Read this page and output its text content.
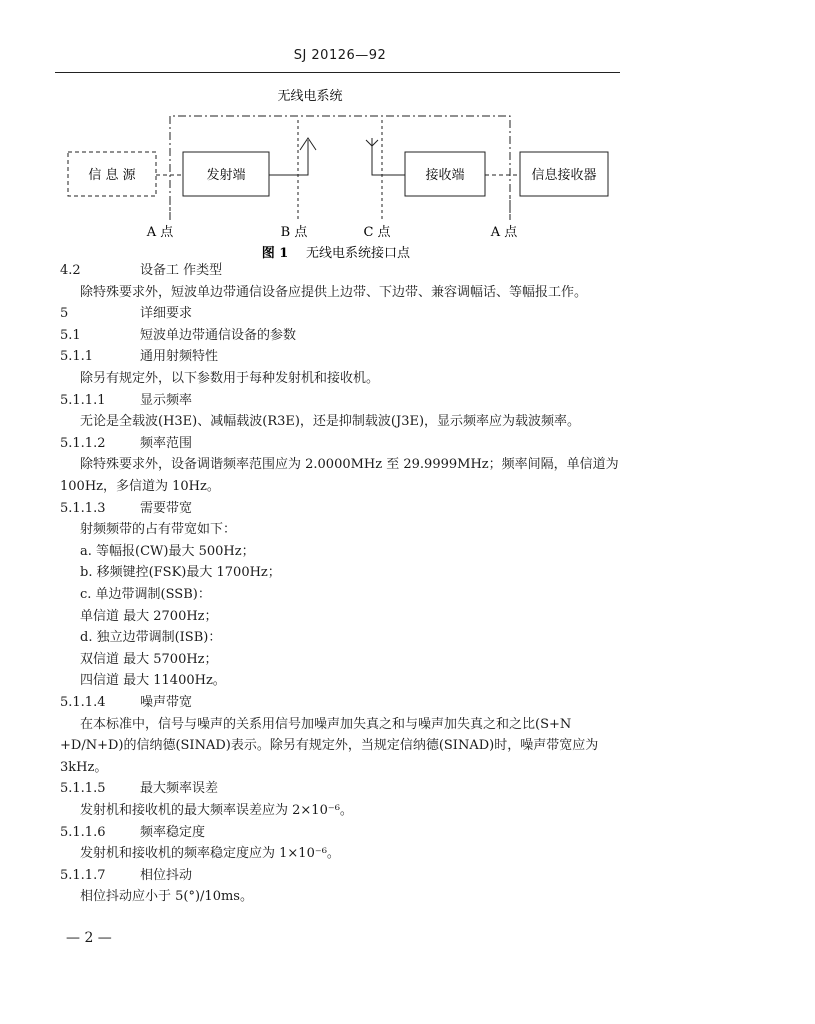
SJ 20126—92
无线电系统
信 息 源	发射端	接收端	信息接收器
A 点	B 点	C 点	A 点
图 1 无线电系统接口点
4.2	设备工 作类型
除特殊要求外，短波单边带通信设备应提供上边带、下边带、兼容调幅话、等幅报工作。
5	详细要求
5.1	短波单边带通信设备的参数
5.1.1	通用射频特性
除另有规定外，以下参数用于每种发射机和接收机。
5.1.1.1	显示频率
无论是全载波(H3E)、减幅载波(R3E)，还是抑制载波(J3E)，显示频率应为载波频率。
5.1.1.2	频率范围
除特殊要求外，设备调谐频率范围应为 2.0000MHz 至 29.9999MHz；频率间隔，单信道为
100Hz，多信道为 10Hz。
5.1.1.3	需要带宽
射频频带的占有带宽如下：
a. 等幅报(CW)最大 500Hz；
b. 移频键控(FSK)最大 1700Hz；
c. 单边带调制(SSB)：
单信道 最大 2700Hz；
d. 独立边带调制(ISB)：
双信道 最大 5700Hz；
四信道 最大 11400Hz。
5.1.1.4	噪声带宽
在本标准中，信号与噪声的关系用信号加噪声加失真之和与噪声加失真之和之比(S+N
+D/N+D)的信纳德(SINAD)表示。除另有规定外，当规定信纳德(SINAD)时，噪声带宽应为
3kHz。
5.1.1.5	最大频率误差
发射机和接收机的最大频率误差应为 2×10⁻⁶。
5.1.1.6	频率稳定度
发射机和接收机的频率稳定度应为 1×10⁻⁶。
5.1.1.7	相位抖动
相位抖动应小于 5(°)/10ms。
— 2 —
